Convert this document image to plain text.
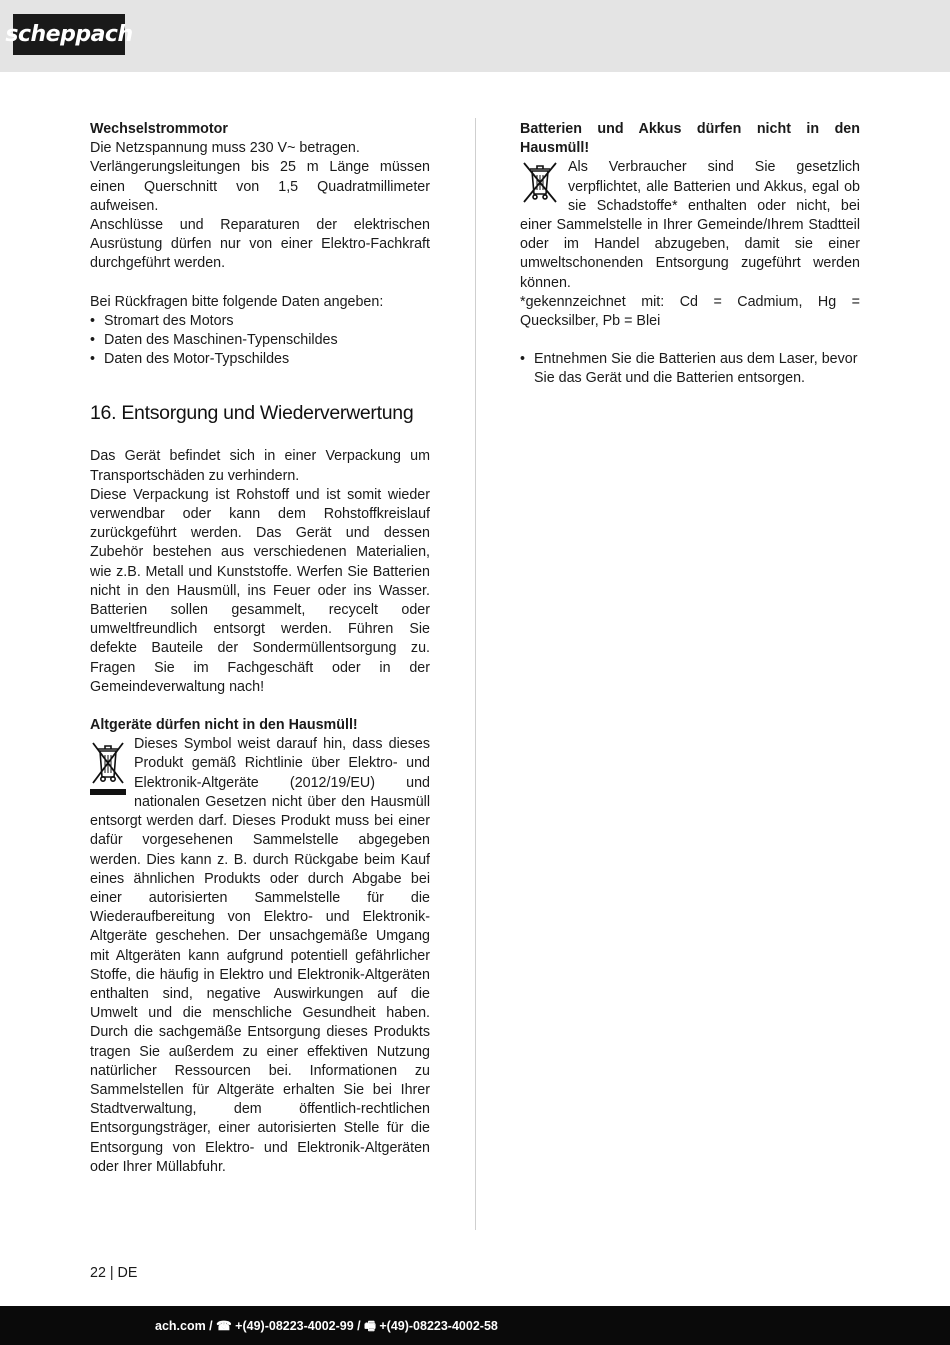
scheppach

Wechselstrommotor

Die Netzspannung muss 230 V~ betragen.

Verlängerungsleitungen bis 25 m Länge müssen einen Querschnitt von 1,5 Quadratmillimeter aufweisen.

Anschlüsse und Reparaturen der elektrischen Ausrüstung dürfen nur von einer Elektro-Fachkraft durchgeführt werden.

Bei Rückfragen bitte folgende Daten angeben:

• Stromart des Motors
• Daten des Maschinen-Typenschildes
• Daten des Motor-Typschildes
16. Entsorgung und Wiederverwertung

Das Gerät befindet sich in einer Verpackung um Transportschäden zu verhindern.

Diese Verpackung ist Rohstoff und ist somit wieder verwendbar oder kann dem Rohstoffkreislauf zurückgeführt werden. Das Gerät und dessen Zubehör bestehen aus verschiedenen Materialien, wie z.B. Metall und Kunststoffe. Werfen Sie Batterien nicht in den Hausmüll, ins Feuer oder ins Wasser. Batterien sollen gesammelt, recycelt oder umweltfreundlich entsorgt werden. Führen Sie defekte Bauteile der Sondermüllentsorgung zu. Fragen Sie im Fachgeschäft oder in der Gemeindeverwaltung nach!

Altgeräte dürfen nicht in den Hausmüll!

Dieses Symbol weist darauf hin, dass dieses Produkt gemäß Richtlinie über Elektro- und Elektronik-Altgeräte (2012/19/EU) und nationalen Gesetzen nicht über den Hausmüll entsorgt werden darf. Dieses Produkt muss bei einer dafür vorgesehenen Sammelstelle abgegeben werden. Dies kann z. B. durch Rückgabe beim Kauf eines ähnlichen Produkts oder durch Abgabe bei einer autorisierten Sammelstelle für die Wiederaufbereitung von Elektro- und Elektronik- Altgeräte geschehen. Der unsachgemäße Umgang mit Altgeräten kann aufgrund potentiell gefährlicher Stoffe, die häufig in Elektro und Elektronik-Altgeräten enthalten sind, negative Auswirkungen auf die Umwelt und die menschliche Gesundheit haben. Durch die sachgemäße Entsorgung dieses Produkts tragen Sie außerdem zu einer effektiven Nutzung natürlicher Ressourcen bei. Informationen zu Sammelstellen für Altgeräte erhalten Sie bei Ihrer Stadtverwaltung, dem öffentlich-rechtlichen Entsorgungsträger, einer autorisierten Stelle für die Entsorgung von Elektro- und Elektronik-Altgeräten oder Ihrer Müllabfuhr.

Batterien und Akkus dürfen nicht in den Hausmüll!

Als Verbraucher sind Sie gesetzlich verpflichtet, alle Batterien und Akkus, egal ob sie Schadstoffe* enthalten oder nicht, bei einer Sammelstelle in Ihrer Gemeinde/Ihrem Stadtteil oder im Handel abzugeben, damit sie einer umweltschonenden Entsorgung zugeführt werden können.

*gekennzeichnet mit: Cd = Cadmium, Hg = Quecksilber, Pb = Blei

• Entnehmen Sie die Batterien aus dem Laser, bevor Sie das Gerät und die Batterien entsorgen.
22 | DE
ach.com / ☎ +(49)-08223-4002-99 / 🖷 +(49)-08223-4002-58
